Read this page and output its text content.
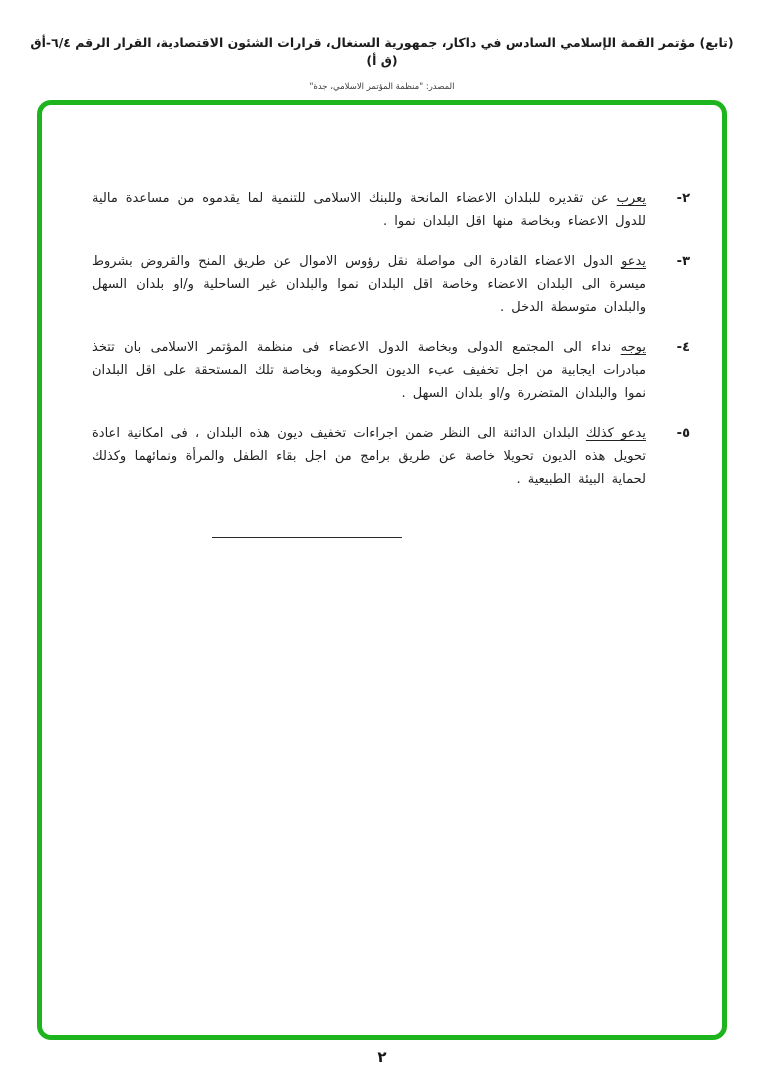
(تابع) مؤتمر القمة الإسلامي السادس في داكار، جمهورية السنغال، قرارات الشئون الاقتصادية، القرار الرقم ٦/٤-أق (ق أ)
المصدر: "منظمة المؤتمر الاسلامي، جدة"
٢-
يعرب عن تقديره للبلدان الاعضاء المانحة وللبنك الاسلامى للتنمية لما يقدموه من مساعدة مالية للدول الاعضاء وبخاصة منها اقل البلدان نموا .
٣-
يدعو الدول الاعضاء القادرة الى مواصلة نقل رؤوس الاموال عن طريق المنح والقروض بشروط ميسرة الى البلدان الاعضاء وخاصة اقل البلدان نموا والبلدان غير الساحلية و/او بلدان السهل والبلدان متوسطة الدخل .
٤-
يوجه نداء الى المجتمع الدولى وبخاصة الدول الاعضاء فى منظمة المؤتمر الاسلامى بان تتخذ مبادرات ايجابية من اجل تخفيف عبء الديون الحكومية وبخاصة تلك المستحقة على اقل البلدان نموا والبلدان المتضررة و/او بلدان السهل .
٥-
يدعو كذلك البلدان الدائنة الى النظر ضمن اجراءات تخفيف ديون هذه البلدان ، فى امكانية اعادة تحويل هذه الديون تحويلا خاصة عن طريق برامج من اجل بقاء الطفل والمرأة ونمائهما وكذلك لحماية البيئة الطبيعية .
٢
